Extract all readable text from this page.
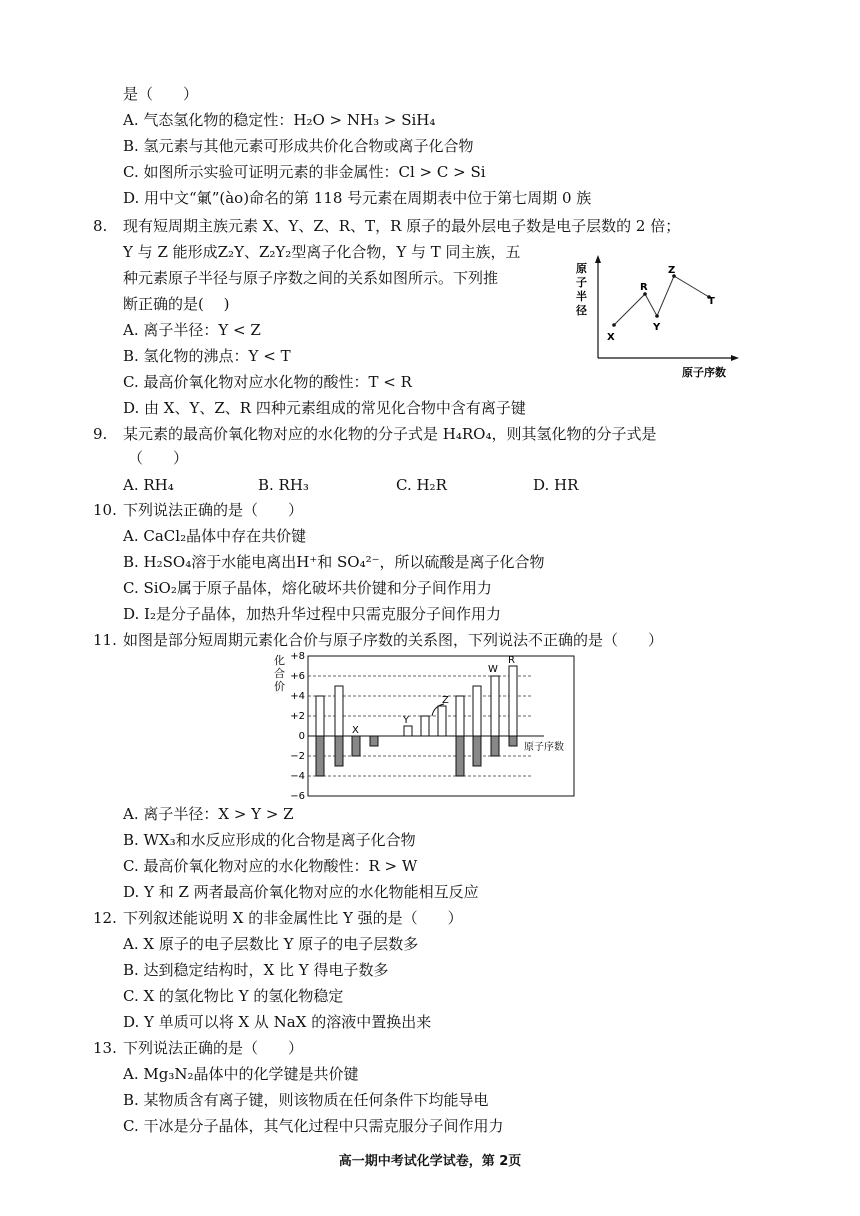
是（　　）
A. 气态氢化物的稳定性：H₂O > NH₃ > SiH₄
B. 氢元素与其他元素可形成共价化合物或离子化合物
C. 如图所示实验可证明元素的非金属性：Cl > C > Si
D. 用中文“氭”(ào)命名的第 118 号元素在周期表中位于第七周期 0 族
8. 现有短周期主族元素 X、Y、Z、R、T，R 原子的最外层电子数是电子层数的 2 倍；
Y 与 Z 能形成Z₂Y、Z₂Y₂型离子化合物，Y 与 T 同主族，五
种元素原子半径与原子序数之间的关系如图所示。下列推
断正确的是(　 )
A. 离子半径：Y < Z
B. 氢化物的沸点：Y < T
C. 最高价氧化物对应水化物的酸性：T < R
D. 由 X、Y、Z、R 四种元素组成的常见化合物中含有离子键
原
子
半
径
原子序数
X
R
Y
Z
T
9. 某元素的最高价氧化物对应的水化物的分子式是 H₄RO₄，则其氢化物的分子式是
（　　）
A. RH₄	B. RH₃	C. H₂R	D. HR
10. 下列说法正确的是（　　）
A. CaCl₂晶体中存在共价键
B. H₂SO₄溶于水能电离出H⁺和 SO₄²⁻，所以硫酸是离子化合物
C. SiO₂属于原子晶体，熔化破坏共价键和分子间作用力
D. I₂是分子晶体，加热升华过程中只需克服分子间作用力
11. 如图是部分短周期元素化合价与原子序数的关系图，下列说法不正确的是（　　）
+8
+6
+4
+2
0
−2
−4
−6
化
合
价
原子序数
X
Y
Z
W
R
A. 离子半径：X > Y > Z
B. WX₃和水反应形成的化合物是离子化合物
C. 最高价氧化物对应的水化物酸性：R > W
D. Y 和 Z 两者最高价氧化物对应的水化物能相互反应
12. 下列叙述能说明 X 的非金属性比 Y 强的是（　　）
A. X 原子的电子层数比 Y 原子的电子层数多
B. 达到稳定结构时，X 比 Y 得电子数多
C. X 的氢化物比 Y 的氢化物稳定
D. Y 单质可以将 X 从 NaX 的溶液中置换出来
13. 下列说法正确的是（　　）
A. Mg₃N₂晶体中的化学键是共价键
B. 某物质含有离子键，则该物质在任何条件下均能导电
C. 干冰是分子晶体，其气化过程中只需克服分子间作用力
高一期中考试化学试卷，第 2页
